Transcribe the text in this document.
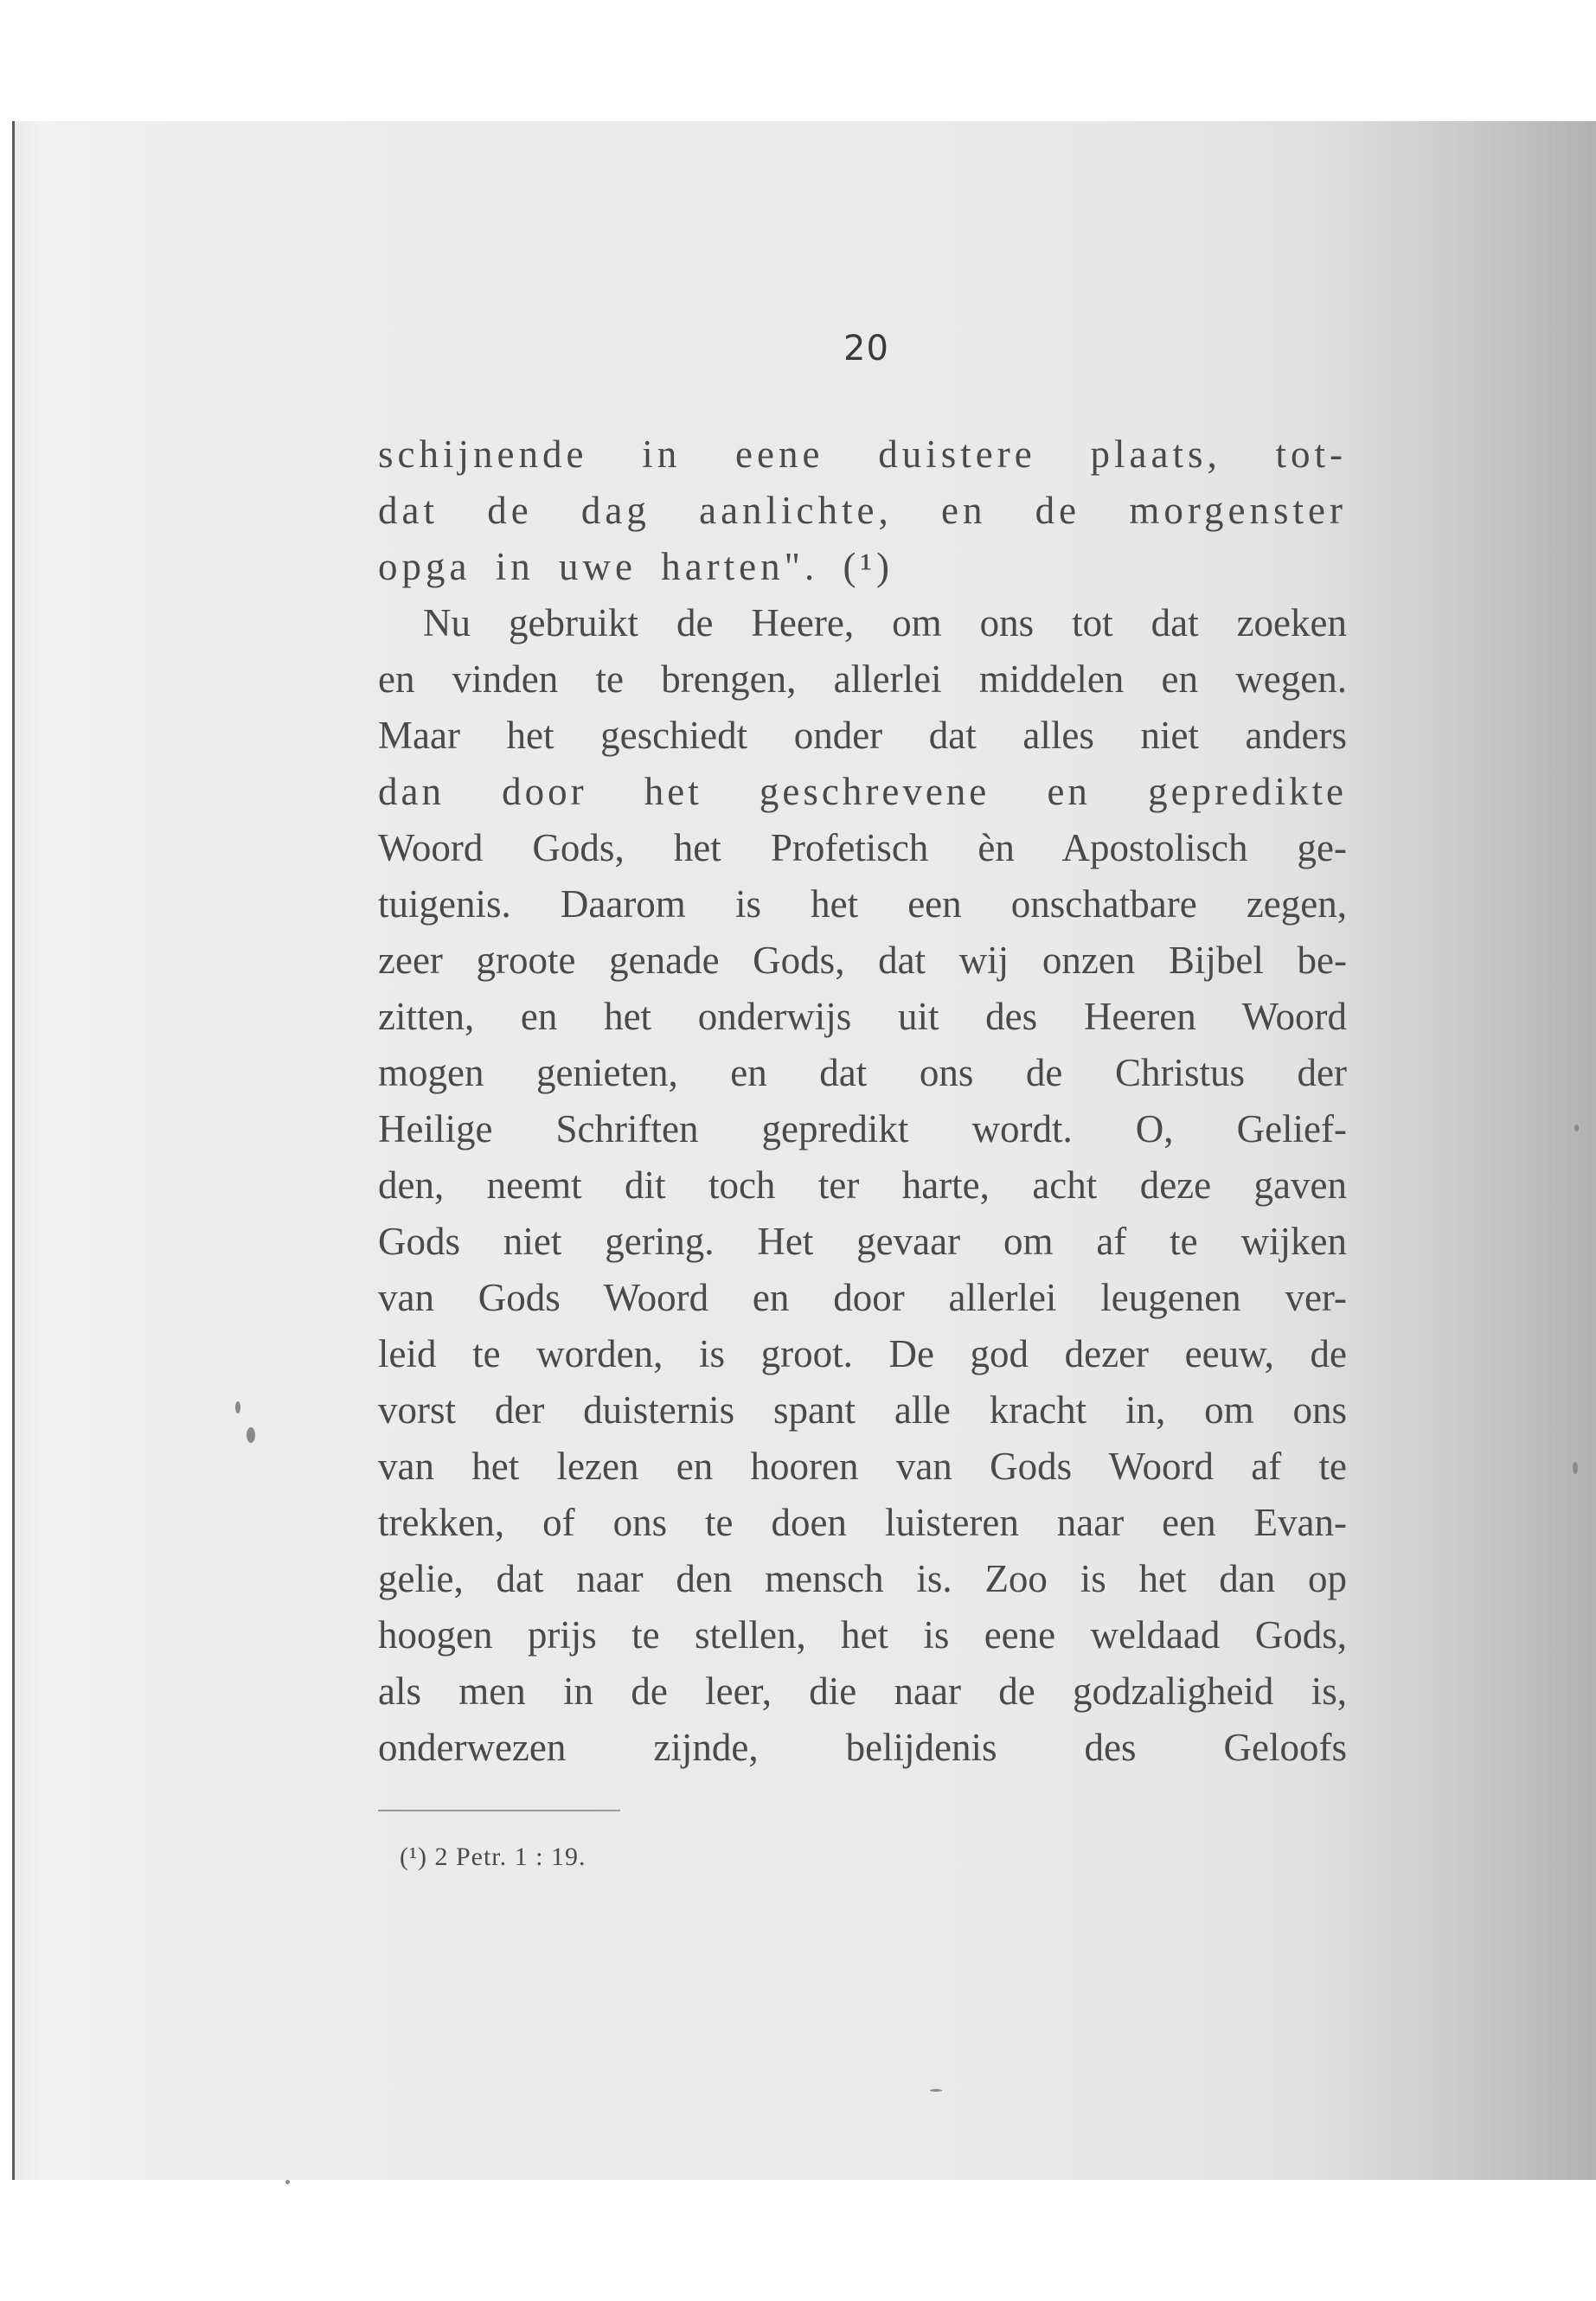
20
schijnende in eene duistere plaats, tot-
dat de dag aanlichte, en de morgenster
opga in uwe harten". (¹)
Nu gebruikt de Heere, om ons tot dat zoeken
en vinden te brengen, allerlei middelen en wegen.
Maar het geschiedt onder dat alles niet anders
dan door het geschrevene en gepredikte
Woord Gods, het Profetisch èn Apostolisch ge-
tuigenis. Daarom is het een onschatbare zegen,
zeer groote genade Gods, dat wij onzen Bijbel be-
zitten, en het onderwijs uit des Heeren Woord
mogen genieten, en dat ons de Christus der
Heilige Schriften gepredikt wordt. O, Gelief-
den, neemt dit toch ter harte, acht deze gaven
Gods niet gering. Het gevaar om af te wijken
van Gods Woord en door allerlei leugenen ver-
leid te worden, is groot. De god dezer eeuw, de
vorst der duisternis spant alle kracht in, om ons
van het lezen en hooren van Gods Woord af te
trekken, of ons te doen luisteren naar een Evan-
gelie, dat naar den mensch is. Zoo is het dan op
hoogen prijs te stellen, het is eene weldaad Gods,
als men in de leer, die naar de godzaligheid is,
onderwezen zijnde, belijdenis des Geloofs
(¹) 2 Petr. 1 : 19.
